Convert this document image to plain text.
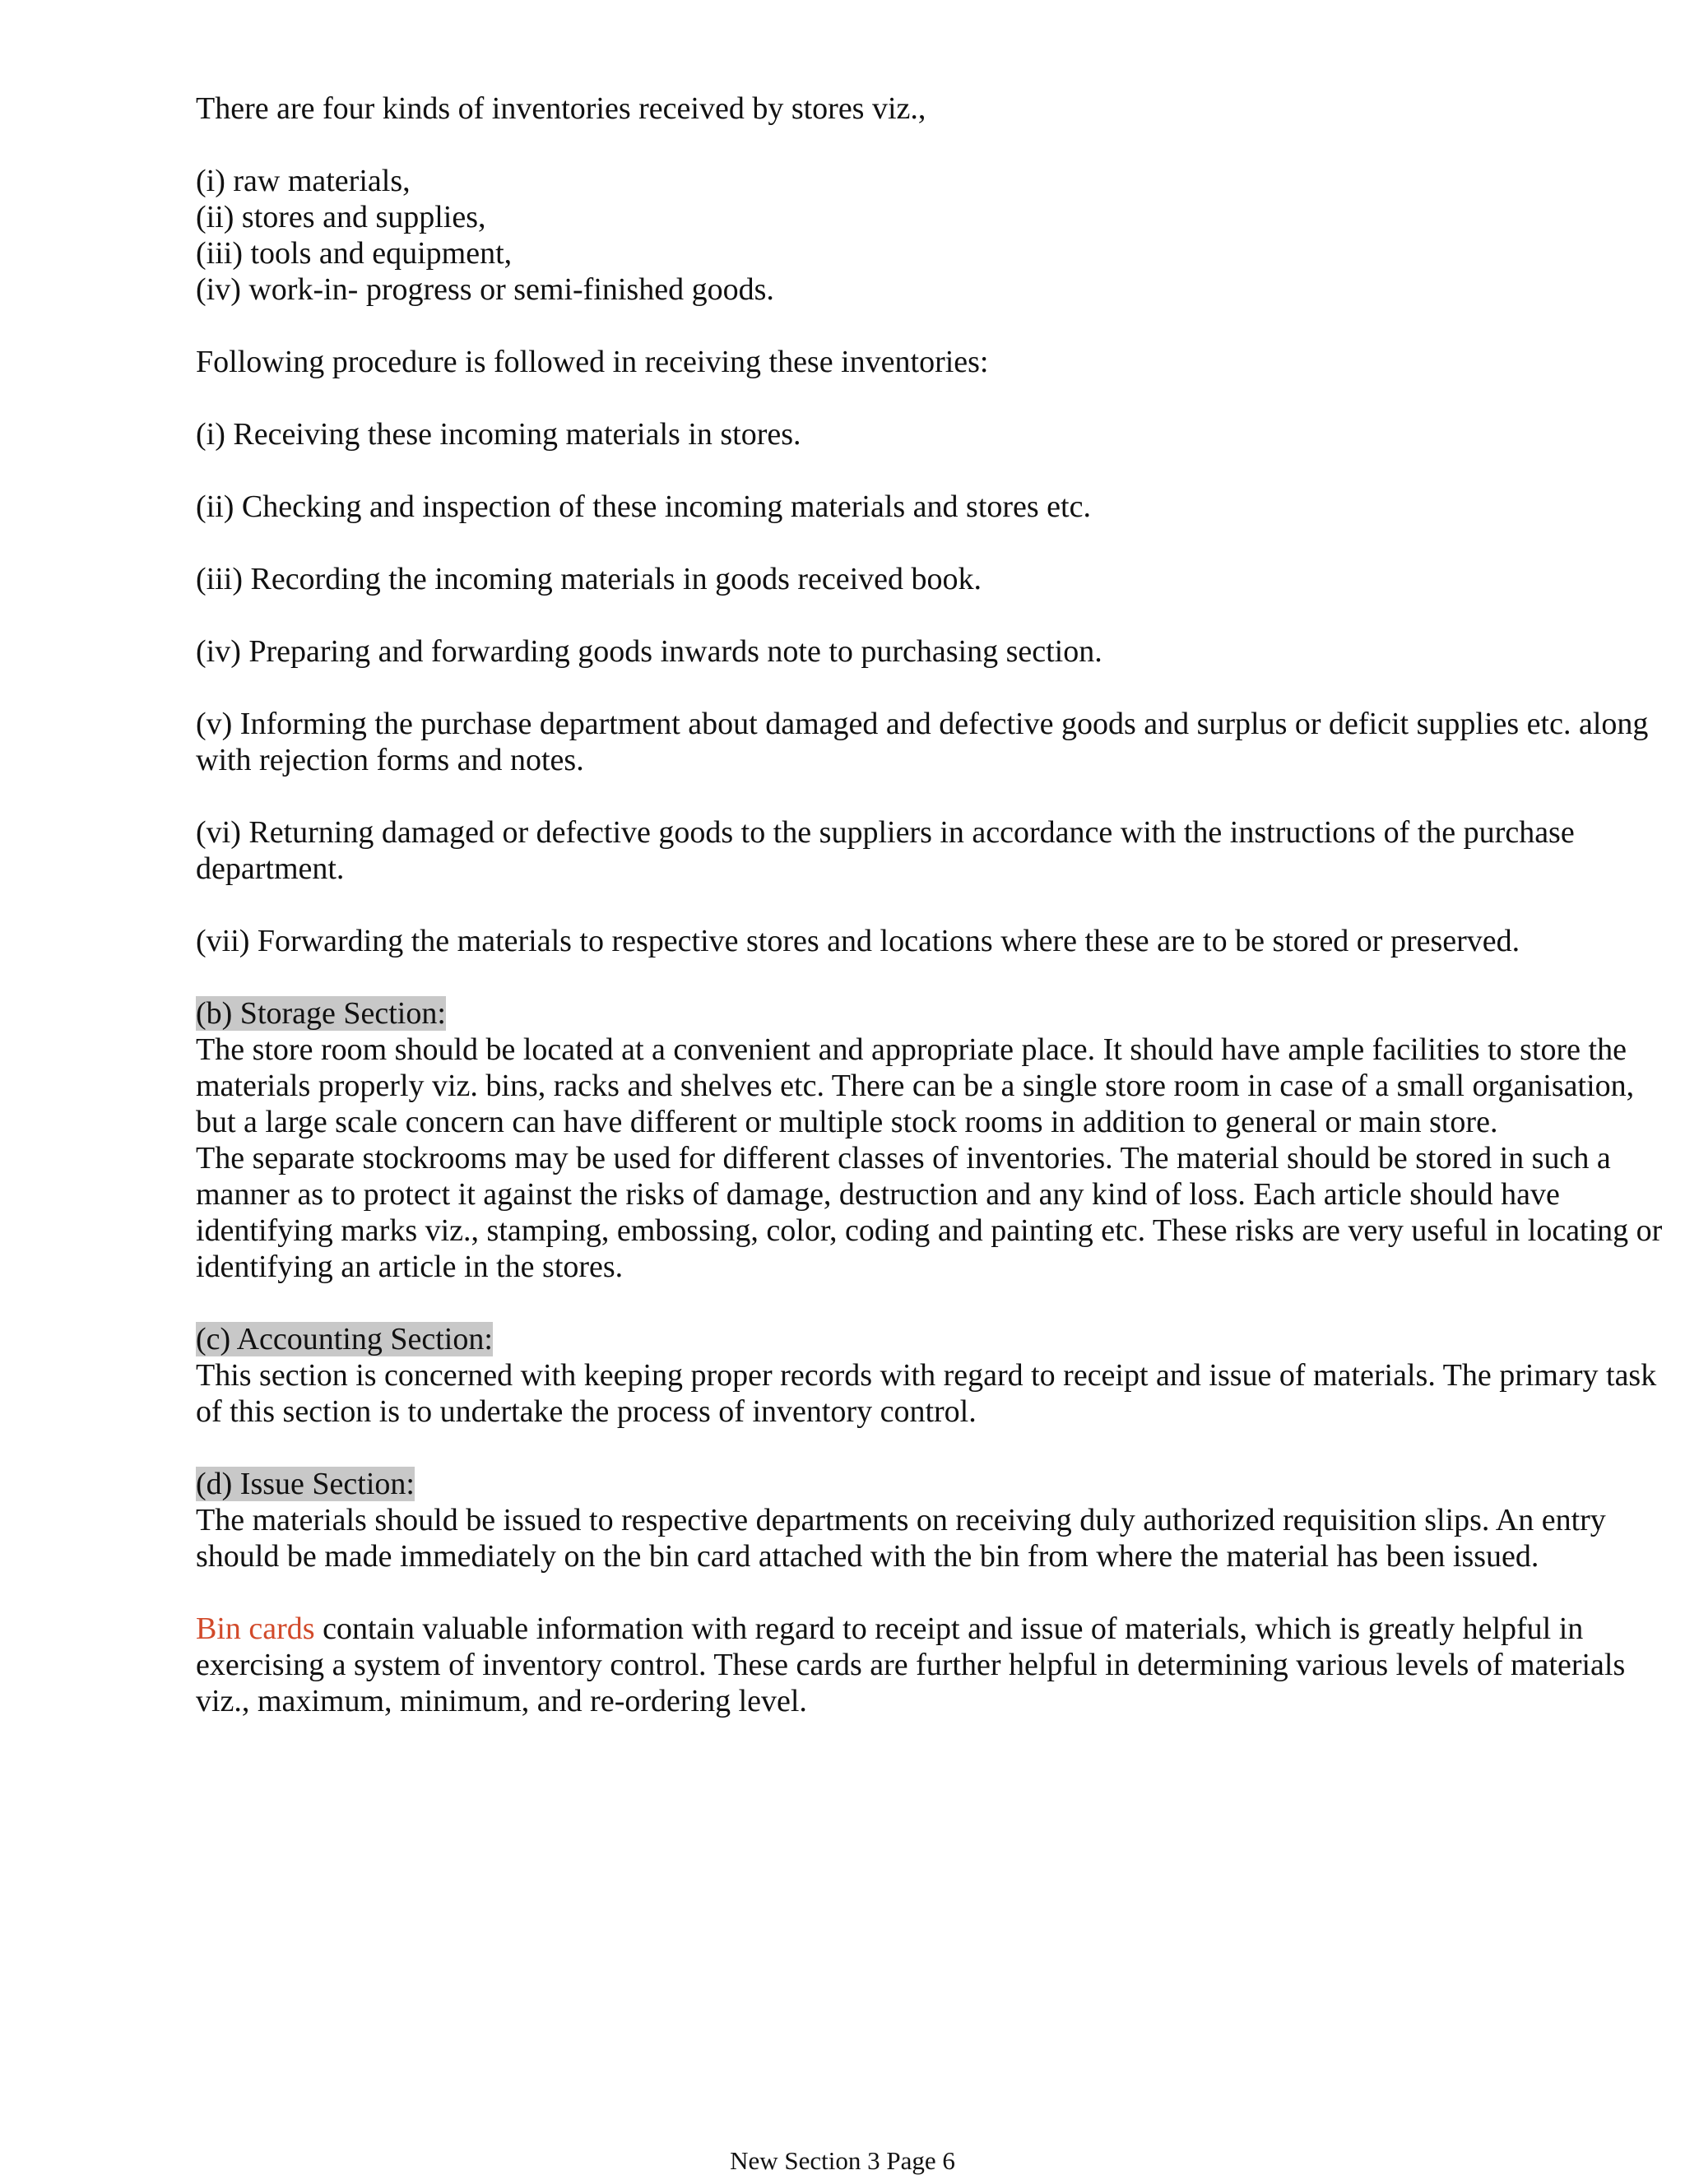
There are four kinds of inventories received by stores viz.,

(i) raw materials,
(ii) stores and supplies,
(iii) tools and equipment,
(iv) work-in- progress or semi-finished goods.

Following procedure is followed in receiving these inventories:

(i) Receiving these incoming materials in stores.

(ii) Checking and inspection of these incoming materials and stores etc.

(iii) Recording the incoming materials in goods received book.

(iv) Preparing and forwarding goods inwards note to purchasing section.

(v) Informing the purchase department about damaged and defective goods and surplus or deficit supplies etc. along with rejection forms and notes.

(vi) Returning damaged or defective goods to the suppliers in accordance with the instructions of the purchase department.

(vii) Forwarding the materials to respective stores and locations where these are to be stored or preserved.

(b) Storage Section:

The store room should be located at a convenient and appropriate place. It should have ample facilities to store the materials properly viz. bins, racks and shelves etc. There can be a single store room in case of a small organisation, but a large scale concern can have different or multiple stock rooms in addition to general or main store.

The separate stockrooms may be used for different classes of inventories. The material should be stored in such a manner as to protect it against the risks of damage, destruction and any kind of loss. Each article should have identifying marks viz., stamping, embossing, color, coding and painting etc. These risks are very useful in locating or identifying an article in the stores.

(c) Accounting Section:

This section is concerned with keeping proper records with regard to receipt and issue of materials. The primary task of this section is to undertake the process of inventory control.

(d) Issue Section:

The materials should be issued to respective departments on receiving duly authorized requisition slips. An entry should be made immediately on the bin card attached with the bin from where the material has been issued.

Bin cards contain valuable information with regard to receipt and issue of materials, which is greatly helpful in exercising a system of inventory control. These cards are further helpful in determining various levels of materials viz., maximum, minimum, and re-ordering level.

New Section 3 Page 6
